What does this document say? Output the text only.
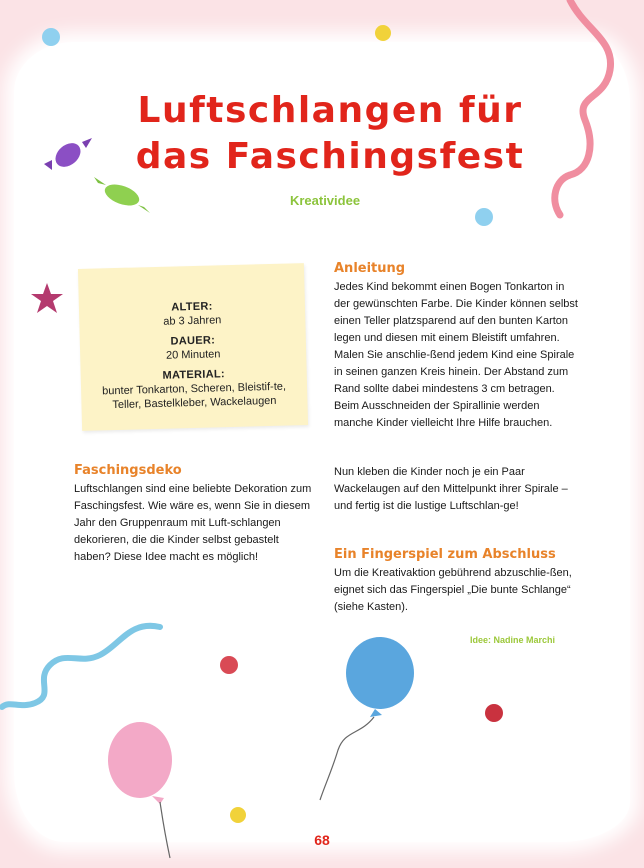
Luftschlangen für
das Faschingsfest
Kreatividee
ALTER:
ab 3 Jahren
DAUER:
20 Minuten
MATERIAL:
bunter Tonkarton, Scheren, Bleistif-te, Teller, Bastelkleber, Wackelaugen
Faschingsdeko

Luftschlangen sind eine beliebte Dekoration zum Faschingsfest. Wie wäre es, wenn Sie in diesem Jahr den Gruppenraum mit Luft-schlangen dekorieren, die die Kinder selbst gebastelt haben? Diese Idee macht es möglich!

Anleitung

Jedes Kind bekommt einen Bogen Tonkarton in der gewünschten Farbe. Die Kinder können selbst einen Teller platzsparend auf den bunten Karton legen und diesen mit einem Bleistift umfahren. Malen Sie anschlie-ßend jedem Kind eine Spirale in seinen ganzen Kreis hinein. Der Abstand zum Rand sollte dabei mindestens 3 cm betragen. Beim Ausschneiden der Spirallinie werden manche Kinder vielleicht Ihre Hilfe brauchen.

Nun kleben die Kinder noch je ein Paar Wackelaugen auf den Mittelpunkt ihrer Spirale – und fertig ist die lustige Luftschlan-ge!

Ein Fingerspiel zum Abschluss

Um die Kreativaktion gebührend abzuschlie-ßen, eignet sich das Fingerspiel „Die bunte Schlange“ (siehe Kasten).

Idee: Nadine Marchi
68
